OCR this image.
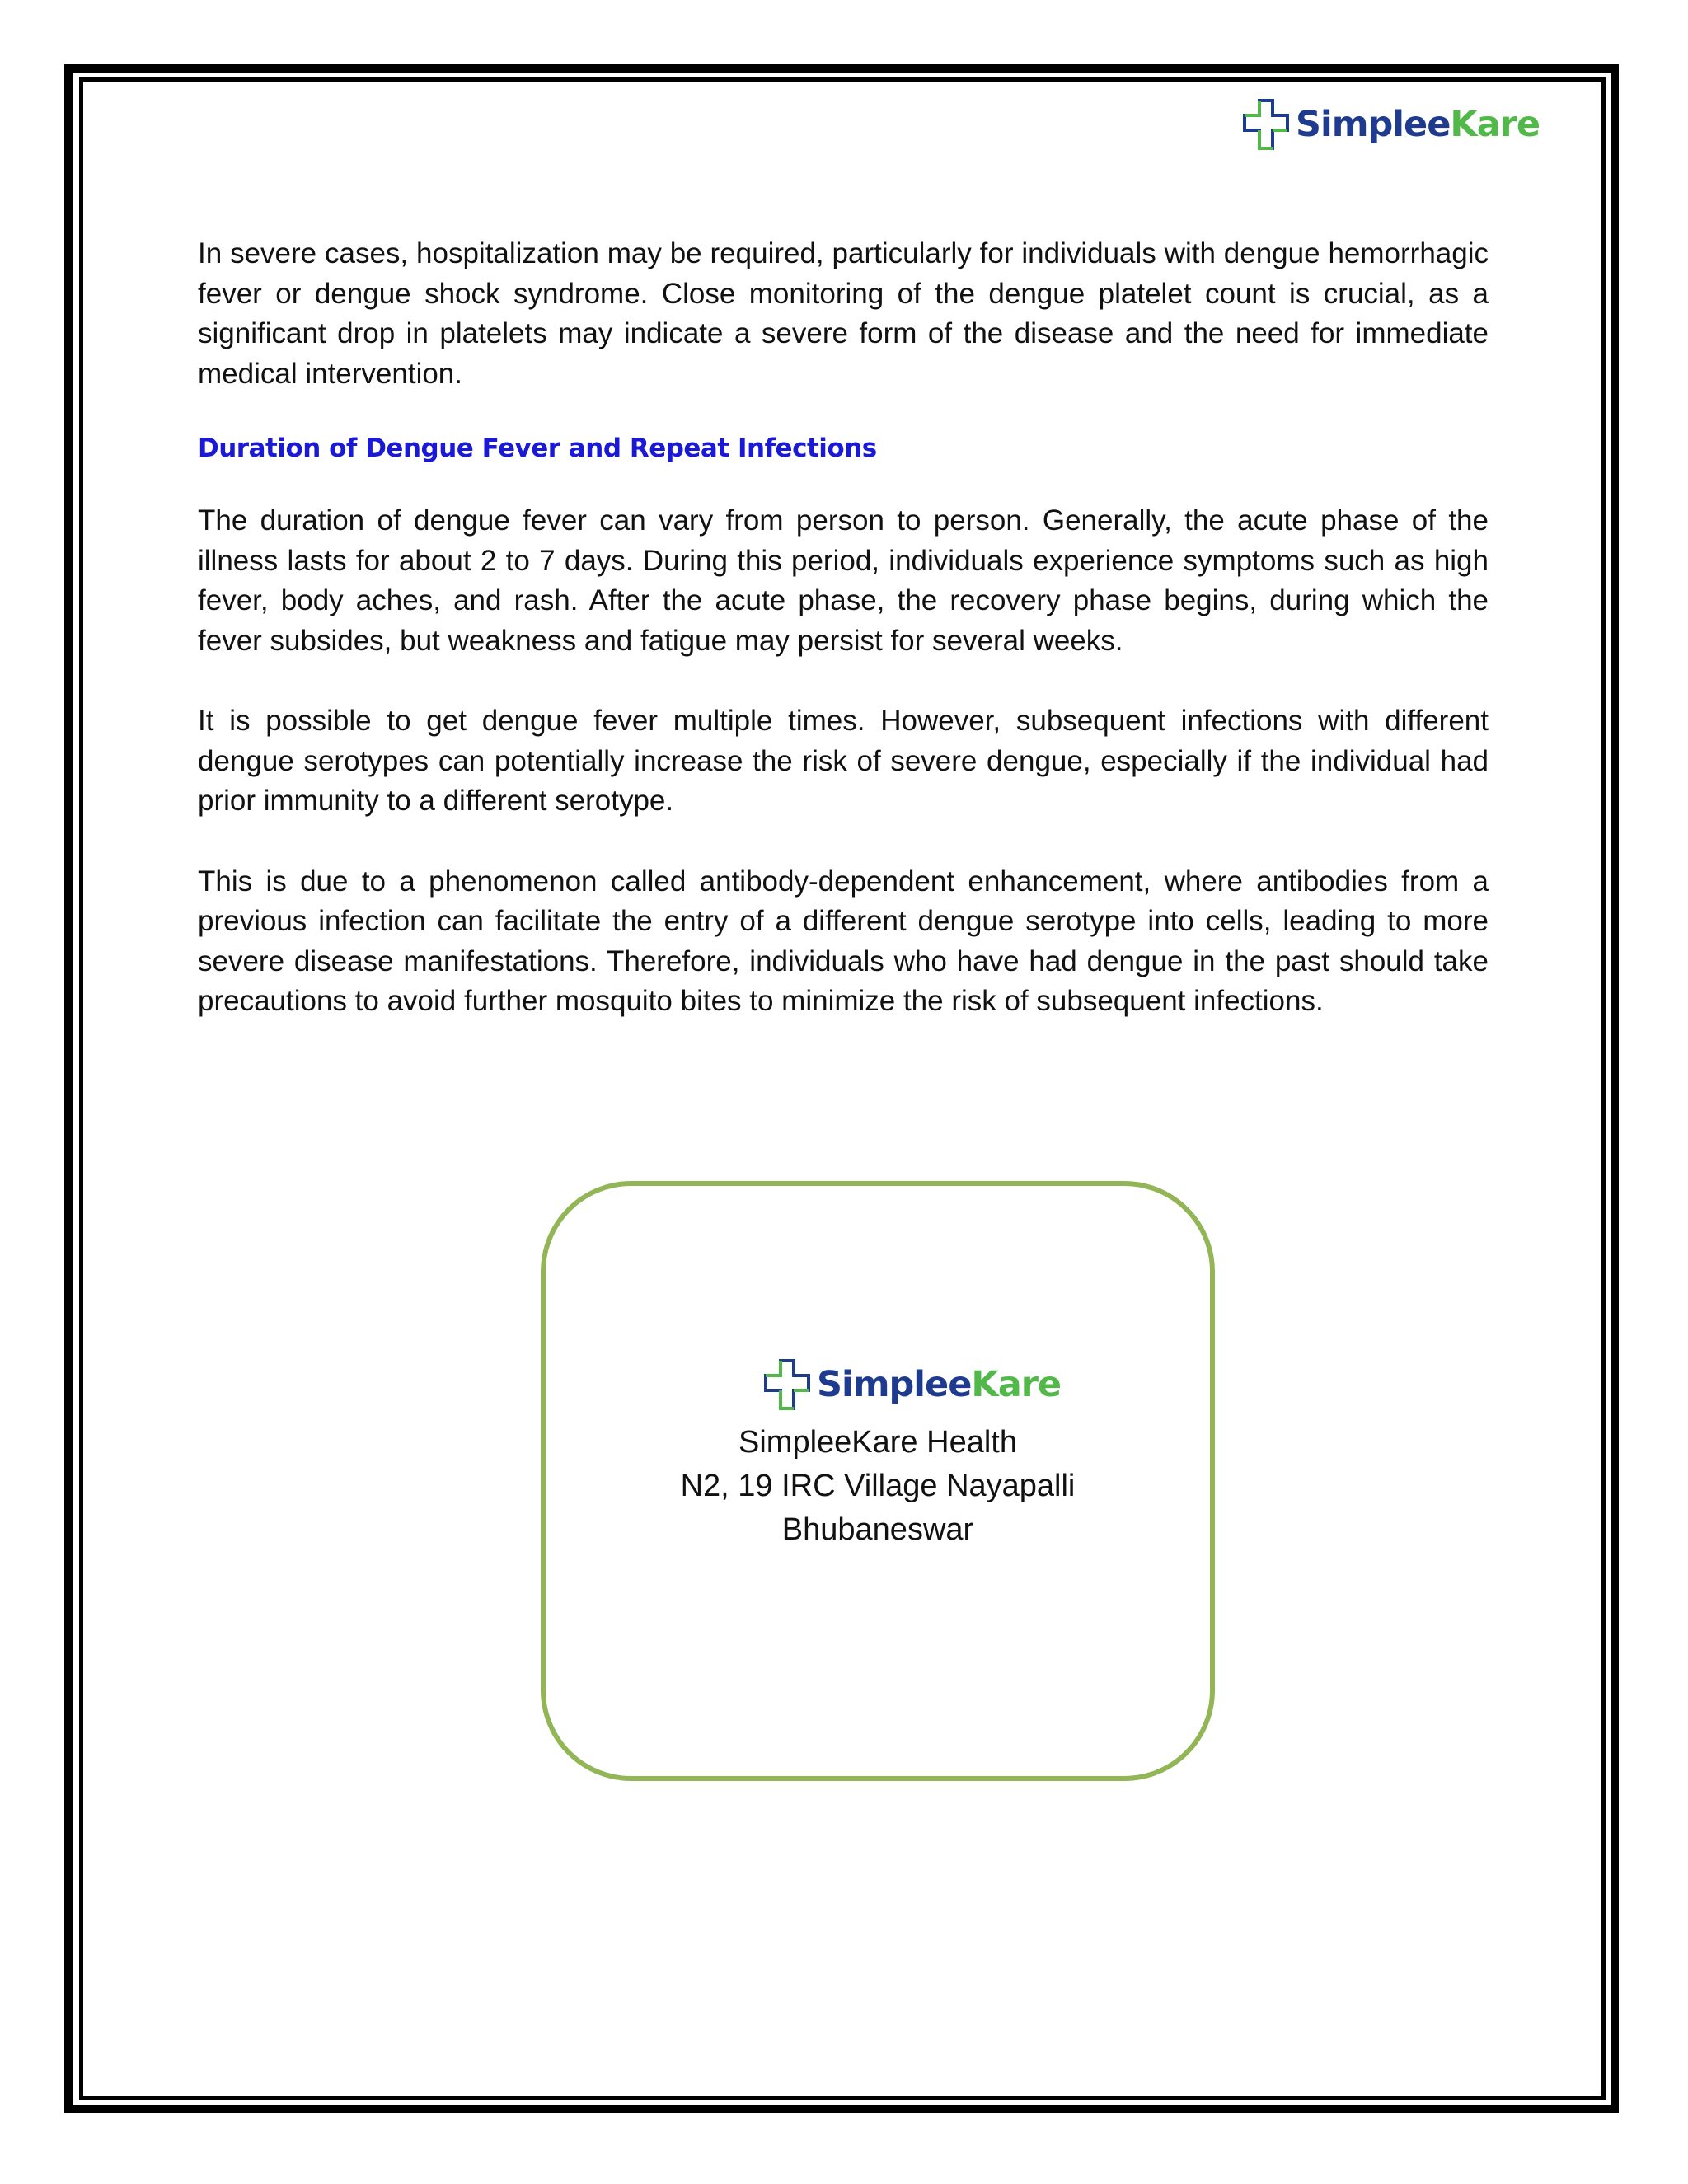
SimpleeKare

In severe cases, hospitalization may be required, particularly for individuals with dengue hemorrhagic fever or dengue shock syndrome. Close monitoring of the dengue platelet count is crucial, as a significant drop in platelets may indicate a severe form of the disease and the need for immediate medical intervention.

Duration of Dengue Fever and Repeat Infections

The duration of dengue fever can vary from person to person. Generally, the acute phase of the illness lasts for about 2 to 7 days. During this period, individuals experience symptoms such as high fever, body aches, and rash. After the acute phase, the recovery phase begins, during which the fever subsides, but weakness and fatigue may persist for several weeks.

It is possible to get dengue fever multiple times. However, subsequent infections with different dengue serotypes can potentially increase the risk of severe dengue, especially if the individual had prior immunity to a different serotype.

This is due to a phenomenon called antibody-dependent enhancement, where antibodies from a previous infection can facilitate the entry of a different dengue serotype into cells, leading to more severe disease manifestations. Therefore, individuals who have had dengue in the past should take precautions to avoid further mosquito bites to minimize the risk of subsequent infections.

SimpleeKare
SimpleeKare Health
N2, 19 IRC Village Nayapalli
Bhubaneswar
